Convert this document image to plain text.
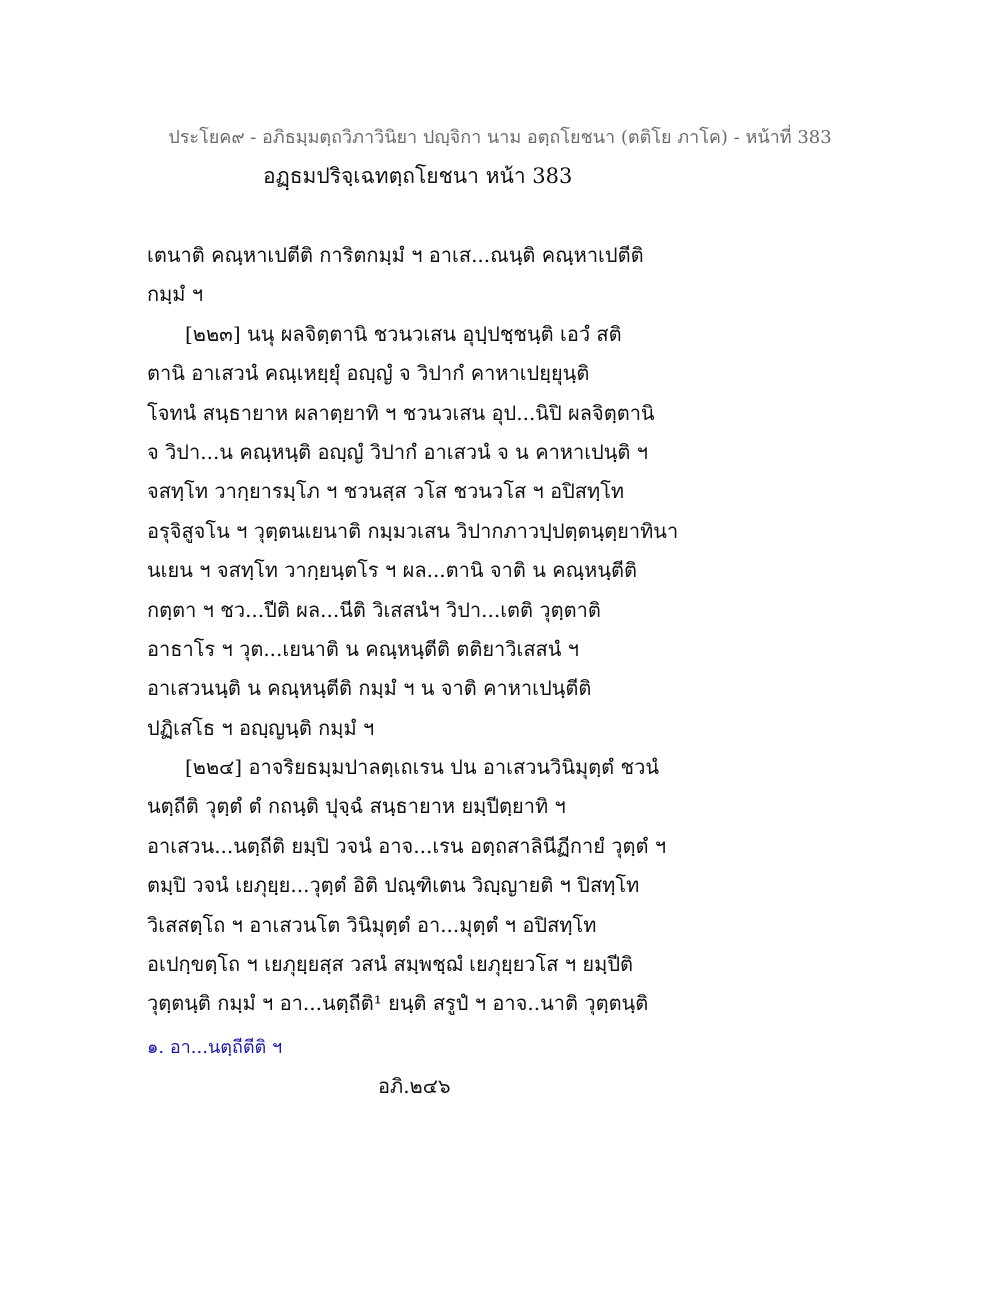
ประโยค๙ - อภิธมฺมตฺถวิภาวินิยา ปญฺจิกา นาม อตฺถโยชนา (ตติโย ภาโค) - หน้าที่ 383
อฏฺธมปริจฺเฉทตฺถโยชนา หน้า 383
เตนาติ คณฺหาเปตีติ การิตกมฺมํ ฯ อาเส...ณนฺติ คณฺหาเปตีติ
กมฺมํ ฯ
[๒๒๓] นนุ ผลจิตฺตานิ ชวนวเสน อุปฺปชฺชนฺติ เอวํ สติ
ตานิ อาเสวนํ คณฺเหยฺยุํ อญฺญํ จ วิปากํ คาหาเปยฺยุนฺติ
โจทนํ สนฺธายาห ผลาตฺยาทิ ฯ ชวนวเสน อุป...นิปิ ผลจิตฺตานิ
จ วิปา...น คณฺหนฺติ อญฺญํ วิปากํ อาเสวนํ จ น คาหาเปนฺติ ฯ
จสทฺโท วากฺยารมฺโภ ฯ ชวนสฺส วโส ชวนวโส ฯ อปิสทฺโท
อรุจิสูจโน ฯ วุตฺตนเยนาติ กมฺมวเสน วิปากภาวปฺปตฺตนฺตฺยาทินา
นเยน ฯ จสทฺโท วากฺยนฺตโร ฯ ผล...ตานิ จาติ น คณฺหนฺตีติ
กตฺตา ฯ ชว...ปีติ ผล...นีติ วิเสสนํฯ วิปา...เตติ วุตฺตาติ
อาธาโร ฯ วุต...เยนาติ น คณฺหนฺตีติ ตติยาวิเสสนํ ฯ
อาเสวนนฺติ น คณฺหนฺตีติ กมฺมํ ฯ น จาติ คาหาเปนฺตีติ
ปฏิเสโธ ฯ อญฺญนฺติ กมฺมํ ฯ
[๒๒๔] อาจริยธมฺมปาลตฺเถเรน ปน อาเสวนวินิมุตฺตํ ชวนํ
นตฺถีติ วุตฺตํ ตํ กถนฺติ ปุจฺฉํ สนฺธายาห ยมฺปีตฺยาทิ ฯ
อาเสวน...นตฺถีติ ยมฺปิ วจนํ อาจ...เรน อตฺถสาลินีฏีกายํ วุตฺตํ ฯ
ตมฺปิ วจนํ เยภุยฺย...วุตฺตํ อิติ ปณฺฑิเตน วิญฺญายติ ฯ ปิสทฺโท
วิเสสตฺโถ ฯ อาเสวนโต วินิมุตฺตํ อา...มุตฺตํ ฯ อปิสทฺโท
อเปกฺขตฺโถ ฯ เยภุยฺยสฺส วสนํ สมฺพชฺฌํ เยภุยฺยวโส ฯ ยมฺปีติ
วุตฺตนฺติ กมฺมํ ฯ อา...นตฺถีติ¹ ยนฺติ สรูปํ ฯ อาจ..นาติ วุตฺตนฺติ
๑. อา...นตฺถีตีติ ฯ
อภิ.๒๔๖
